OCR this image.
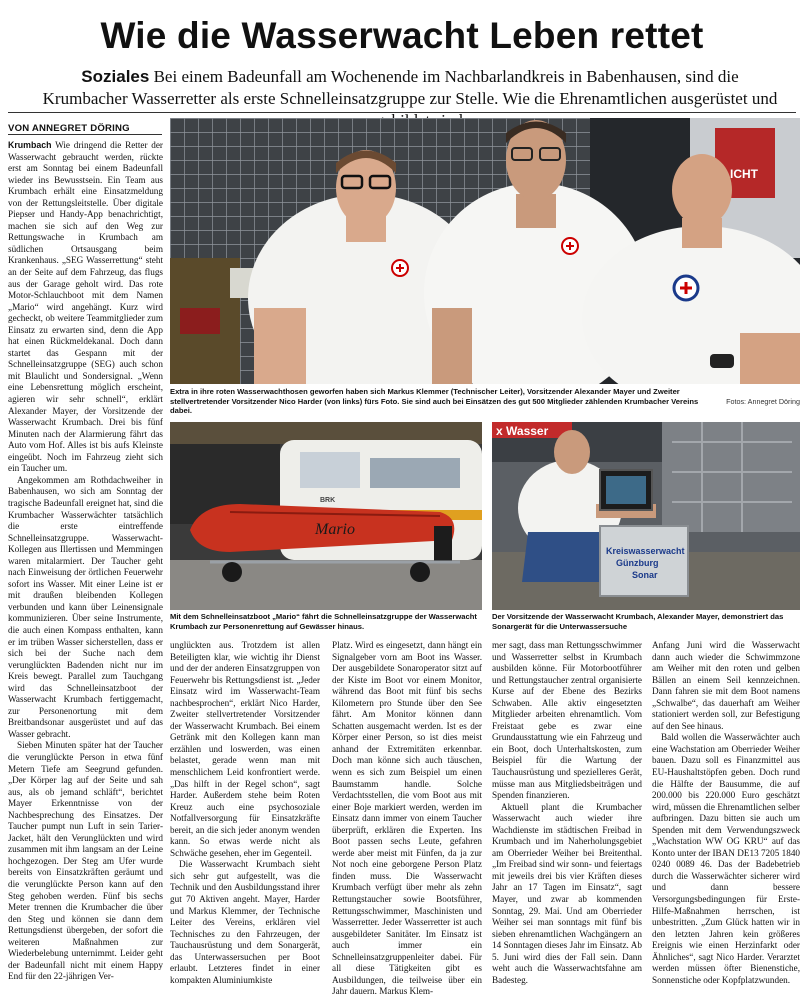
Wie die Wasserwacht Leben rettet

Soziales Bei einem Badeunfall am Wochenende im Nachbarlandkreis in Babenhausen, sind die Krumbacher Wasserretter als erste Schnelleinsatzgruppe zur Stelle. Wie die Ehrenamtlichen ausgerüstet und

VON ANNEGRET DÖRING

Krumbach Wie dringend die Retter der Wasserwacht gebraucht werden, rückte erst am Sonntag bei einem Badeunfall wieder ins Bewusstsein. Ein Team aus Krumbach erhält eine Einsatzmeldung von der Rettungsleitstelle. Über digitale Piepser und Handy-App benachrichtigt, machen sie sich auf den Weg zur Rettungswache in Krumbach am südlichen Ortsausgang beim Krankenhaus. „SEG Wasserrettung“ steht an der Seite auf dem Fahrzeug, das flugs aus der Garage geholt wird. Das rote Motor-Schlauchboot mit dem Namen „Mario“ wird angehängt. Kurz wird gecheckt, ob weitere Teammitglieder zum Einsatz zu erwarten sind, denn die App hat einen Rückmeldekanal. Doch dann startet das Gespann mit der Schnelleinsatzgruppe (SEG) auch schon mit Blaulicht und Sondersignal. „Wenn eine Lebensrettung möglich erscheint, agieren wir sehr schnell“, erklärt Alexander Mayer, der Vorsitzende der Wasserwacht Krumbach. Drei bis fünf Minuten nach der Alarmierung fährt das Auto vom Hof. Alles ist bis aufs Kleinste eingeübt. Noch im Fahrzeug zieht sich ein Taucher um.

Angekommen am Rothdachweiher in Babenhausen, wo sich am Sonntag der tragische Badeunfall ereignet hat, sind die Krumbacher Wasserwächter tatsächlich die erste eintreffende Schnelleinsatzgruppe. Wasserwacht-Kollegen aus Illertissen und Memmingen waren mitalarmiert. Der Taucher geht nach Einweisung der örtlichen Feuerwehr sofort ins Wasser. Mit einer Leine ist er mit draußen bleibenden Kollegen verbunden und kann über Leinensignale kommunizieren. Über seine Instrumente, die auch einen Kompass enthalten, kann er im trüben Wasser sicherstellen, dass er sich bei der Suche nach dem verunglückten Badenden nicht nur im Kreis bewegt. Parallel zum Tauchgang wird das Schnelleinsatzboot der Wasserwacht Krumbach fertiggemacht, zur Personenortung mit dem Breitbandsonar ausgerüstet und auf das Wasser gebracht.

Sieben Minuten später hat der Taucher die verunglückte Person in etwa fünf Metern Tiefe am Seegrund gefunden. „Der Körper lag auf der Seite und sah aus, als ob jemand schläft“, berichtet Mayer Erkenntnisse von der Nachbesprechung des Einsatzes. Der Taucher pumpt nun Luft in sein Tarier-Jacket, hält den Verunglückten und wird zusammen mit ihm langsam an der Leine hochgezogen. Der Steg am Ufer wurde bereits von Einsatzkräften geräumt und die verunglückte Person kann auf den Steg gehoben werden. Fünf bis sechs Meter trennen die Krumbacher die über den Steg und können sie dann dem Rettungsdienst übergeben, der sofort die weiteren Maßnahmen zur Wiederbelebung unternimmt. Leider geht der Badeunfall nicht mit einem Happy End für den 22-jährigen Ver-

ICHT

Extra in ihre roten Wasserwachthosen geworfen haben sich Markus Klemmer (Technischer Leiter), Vorsitzender Alexander Mayer und Zweiter stellvertretender Vorsitzender Nico Harder (von links) fürs Foto. Sie sind auch bei Einsätzen des gut 500 Mitglieder zählenden Krumbacher Vereins dabei.

Fotos: Annegret Döring
BRK
Mario

Mit dem Schnelleinsatzboot „Mario“ fährt die Schnelleinsatzgruppe der Wasserwacht Krumbach zur Personenrettung auf Gewässer hinaus.

x Wasser
Kreiswasserwacht
Günzburg
Sonar

Der Vorsitzende der Wasserwacht Krumbach, Alexander Mayer, demonstriert das Sonargerät für die Unterwassersuche

unglückten aus. Trotzdem ist allen Beteiligten klar, wie wichtig ihr Dienst und der der anderen Einsatzgruppen von Feuerwehr bis Rettungsdienst ist. „Jeder Einsatz wird im Wasserwacht-Team nachbesprochen“, erklärt Nico Harder, Zweiter stellvertretender Vorsitzender der Wasserwacht Krumbach. Bei einem Getränk mit den Kollegen kann man erzählen und loswerden, was einen belastet, gerade wenn man mit menschlichem Leid konfrontiert werde. „Das hilft in der Regel schon“, sagt Harder. Außerdem stehe beim Roten Kreuz auch eine psychosoziale Notfallversorgung für Einsatzkräfte bereit, an die sich jeder anonym wenden kann. So etwas werde nicht als Schwäche gesehen, eher im Gegenteil.

Die Wasserwacht Krumbach sieht sich sehr gut aufgestellt, was die Technik und den Ausbildungsstand ihrer gut 70 Aktiven angeht. Mayer, Harder und Markus Klemmer, der Technische Leiter des Vereins, erklären viel Technisches zu den Fahrzeugen, der Tauchausrüstung und dem Sonargerät, das Unterwassersuchen per Boot erlaubt. Letzteres findet in einer kompakten Aluminiumkiste

Platz. Wird es eingesetzt, dann hängt ein Signalgeber vorn am Boot ins Wasser. Der ausgebildete Sonaroperator sitzt auf der Kiste im Boot vor einem Monitor, während das Boot mit fünf bis sechs Kilometern pro Stunde über den See fährt. Am Monitor können dann Schatten ausgemacht werden. Ist es der Körper einer Person, so ist dies meist anhand der Extremitäten erkennbar. Doch man könne sich auch täuschen, wenn es sich zum Beispiel um einen Baumstamm handle. Solche Verdachtsstellen, die vom Boot aus mit einer Boje markiert werden, werden im Einsatz dann immer von einem Taucher überprüft, erklären die Experten. Ins Boot passen sechs Leute, gefahren werde aber meist mit Fünfen, da ja zur Not noch eine geborgene Person Platz finden muss. Die Wasserwacht Krumbach verfügt über mehr als zehn Rettungstaucher sowie Bootsführer, Rettungsschwimmer, Maschinisten und Wasserretter. Jeder Wasserretter ist auch ausgebildeter Sanitäter. Im Einsatz ist auch immer ein Schnelleinsatzgruppenleiter dabei. Für all diese Tätigkeiten gibt es Ausbildungen, die teilweise über ein Jahr dauern. Markus Klem-

mer sagt, dass man Rettungsschwimmer und Wasserretter selbst in Krumbach ausbilden könne. Für Motorbootführer und Rettungstaucher zentral organisierte Kurse auf der Ebene des Bezirks Schwaben. Alle aktiv eingesetzten Mitglieder arbeiten ehrenamtlich. Vom Freistaat gebe es zwar eine Grundausstattung wie ein Fahrzeug und ein Boot, doch Unterhaltskosten, zum Beispiel für die Wartung der Tauchausrüstung und spezielleres Gerät, müsse man aus Mitgliedsbeiträgen und Spenden finanzieren.

Aktuell plant die Krumbacher Wasserwacht auch wieder ihre Wachdienste im städtischen Freibad in Krumbach und im Naherholungsgebiet am Oberrieder Weiher bei Breitenthal. „Im Freibad sind wir sonn- und feiertags mit jeweils drei bis vier Kräften dieses Jahr an 17 Tagen im Einsatz“, sagt Mayer, und zwar ab kommenden Sonntag, 29. Mai. Und am Oberrieder Weiher sei man sonntags mit fünf bis sieben ehrenamtlichen Wachgängern an 14 Sonntagen dieses Jahr im Einsatz. Ab 5. Juni wird dies der Fall sein. Dann weht auch die Wasserwachtsfahne am Badesteg.

Anfang Juni wird die Wasserwacht dann auch wieder die Schwimmzone am Weiher mit den roten und gelben Bällen an einem Seil kennzeichnen. Dann fahren sie mit dem Boot namens „Schwalbe“, das dauerhaft am Weiher stationiert werden soll, zur Befestigung auf den See hinaus.

Bald wollen die Wasserwächter auch eine Wachstation am Oberrieder Weiher bauen. Dazu soll es Finanzmittel aus EU-Haushaltstöpfen geben. Doch rund die Hälfte der Bausumme, die auf 200.000 bis 220.000 Euro geschätzt wird, müssen die Ehrenamtlichen selber aufbringen. Dazu bitten sie auch um Spenden mit dem Verwendungszweck „Wachstation WW OG KRU“ auf das Konto unter der IBAN DE13 7205 1840 0240 0089 46. Das der Badebetrieb durch die Wasserwächter sicherer wird und dann bessere Versorgungsbedingungen für Erste-Hilfe-Maßnahmen herrschen, ist unbestritten. „Zum Glück hatten wir in den letzten Jahren kein größeres Ereignis wie einen Herzinfarkt oder Ähnliches“, sagt Nico Harder. Verarztet werden müssen öfter Bienenstiche, Sonnenstiche oder Kopfplatzwunden.
